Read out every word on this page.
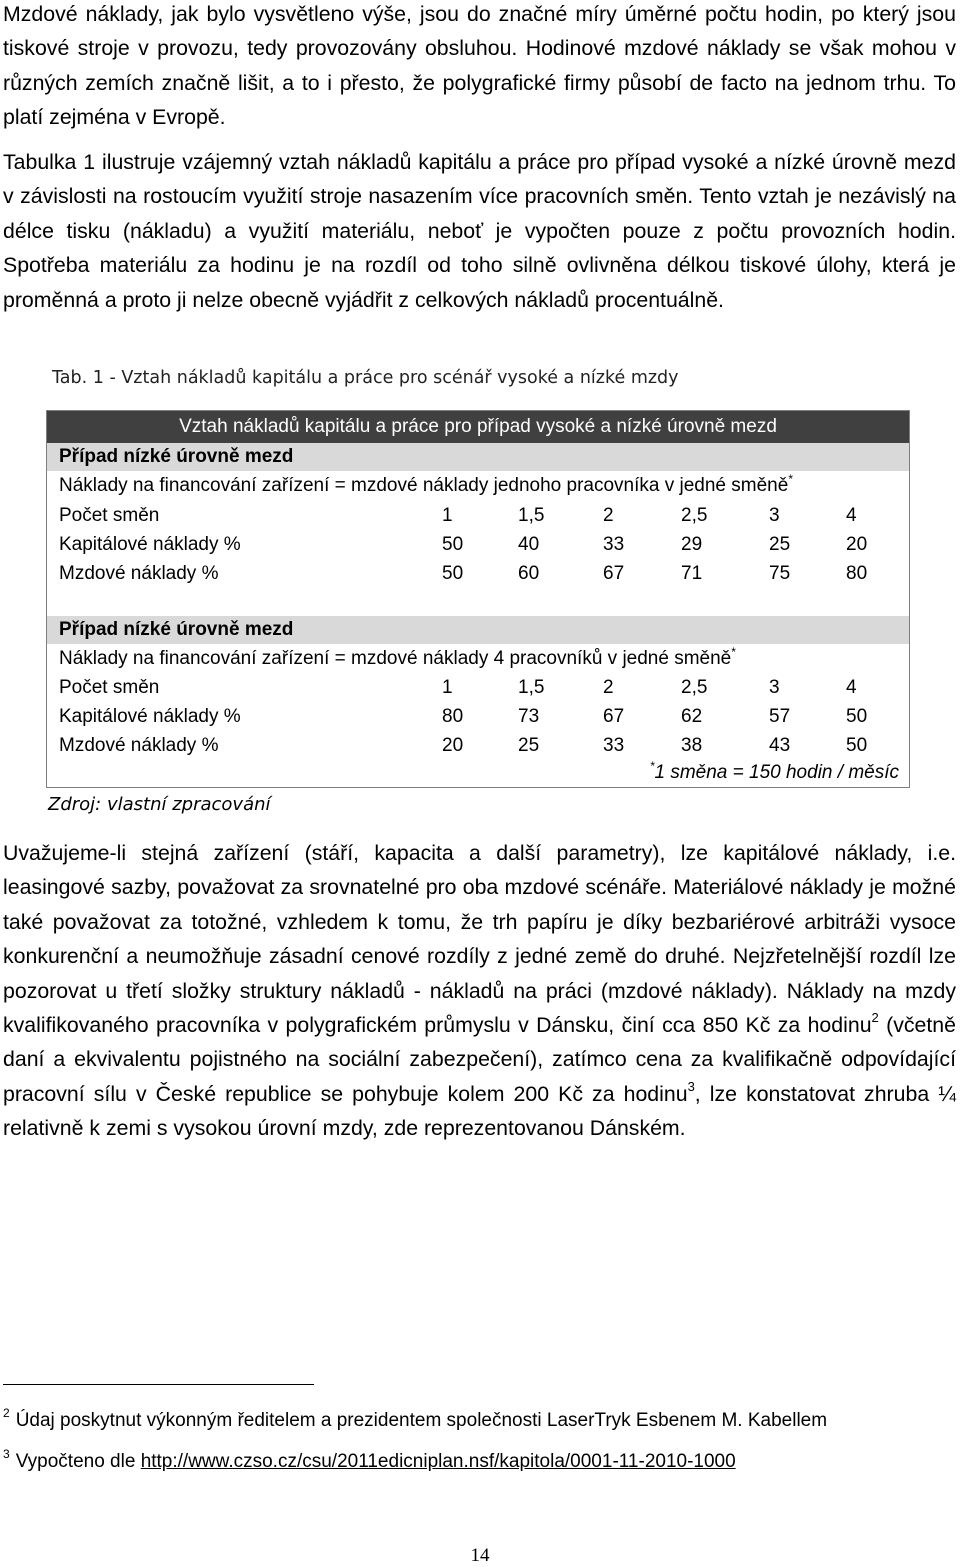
Mzdové náklady, jak bylo vysvětleno výše, jsou do značné míry úměrné počtu hodin, po který jsou tiskové stroje v provozu, tedy provozovány obsluhou. Hodinové mzdové náklady se však mohou v různých zemích značně lišit, a to i přesto, že polygrafické firmy působí de facto na jednom trhu. To platí zejména v Evropě.

Tabulka 1 ilustruje vzájemný vztah nákladů kapitálu a práce pro případ vysoké a nízké úrovně mezd v závislosti na rostoucím využití stroje nasazením více pracovních směn. Tento vztah je nezávislý na délce tisku (nákladu) a využití materiálu, neboť je vypočten pouze z počtu provozních hodin. Spotřeba materiálu za hodinu je na rozdíl od toho silně ovlivněna délkou tiskové úlohy, která je proměnná a proto ji nelze obecně vyjádřit z celkových nákladů procentuálně.

Tab. 1 - Vztah nákladů kapitálu a práce pro scénář vysoké a nízké mzdy
Vztah nákladů kapitálu a práce pro případ vysoké a nízké úrovně mezd
Případ nízké úrovně mezd
Náklady na financování zařízení = mzdové náklady jednoho pracovníka v jedné směně*
Počet směn	1	1,5	2	2,5	3	4
Kapitálové náklady %	50	40	33	29	25	20
Mzdové náklady %	50	60	67	71	75	80
Případ nízké úrovně mezd
Náklady na financování zařízení = mzdové náklady 4 pracovníků v jedné směně*
Počet směn	1	1,5	2	2,5	3	4
Kapitálové náklady %	80	73	67	62	57	50
Mzdové náklady %	20	25	33	38	43	50
*1 směna = 150 hodin / měsíc
Zdroj: vlastní zpracování

Uvažujeme-li stejná zařízení (stáří, kapacita a další parametry), lze kapitálové náklady, i.e. leasingové sazby, považovat za srovnatelné pro oba mzdové scénáře. Materiálové náklady je možné také považovat za totožné, vzhledem k tomu, že trh papíru je díky bezbariérové arbitráži vysoce konkurenční a neumožňuje zásadní cenové rozdíly z jedné země do druhé. Nejzřetelnější rozdíl lze pozorovat u třetí složky struktury nákladů - nákladů na práci (mzdové náklady). Náklady na mzdy kvalifikovaného pracovníka v polygrafickém průmyslu v Dánsku, činí cca 850 Kč za hodinu$^2$ (včetně daní a ekvivalentu pojistného na sociální zabezpečení), zatímco cena za kvalifikačně odpovídající pracovní sílu v České republice se pohybuje kolem 200 Kč za hodinu$^3$, lze konstatovat zhruba ¼ relativně k zemi s vysokou úrovní mzdy, zde reprezentovanou Dánském.

$^2$ Údaj poskytnut výkonným ředitelem a prezidentem společnosti LaserTryk Esbenem M. Kabellem
$^3$ Vypočteno dle http://www.czso.cz/csu/2011edicniplan.nsf/kapitola/0001-11-2010-1000
14
